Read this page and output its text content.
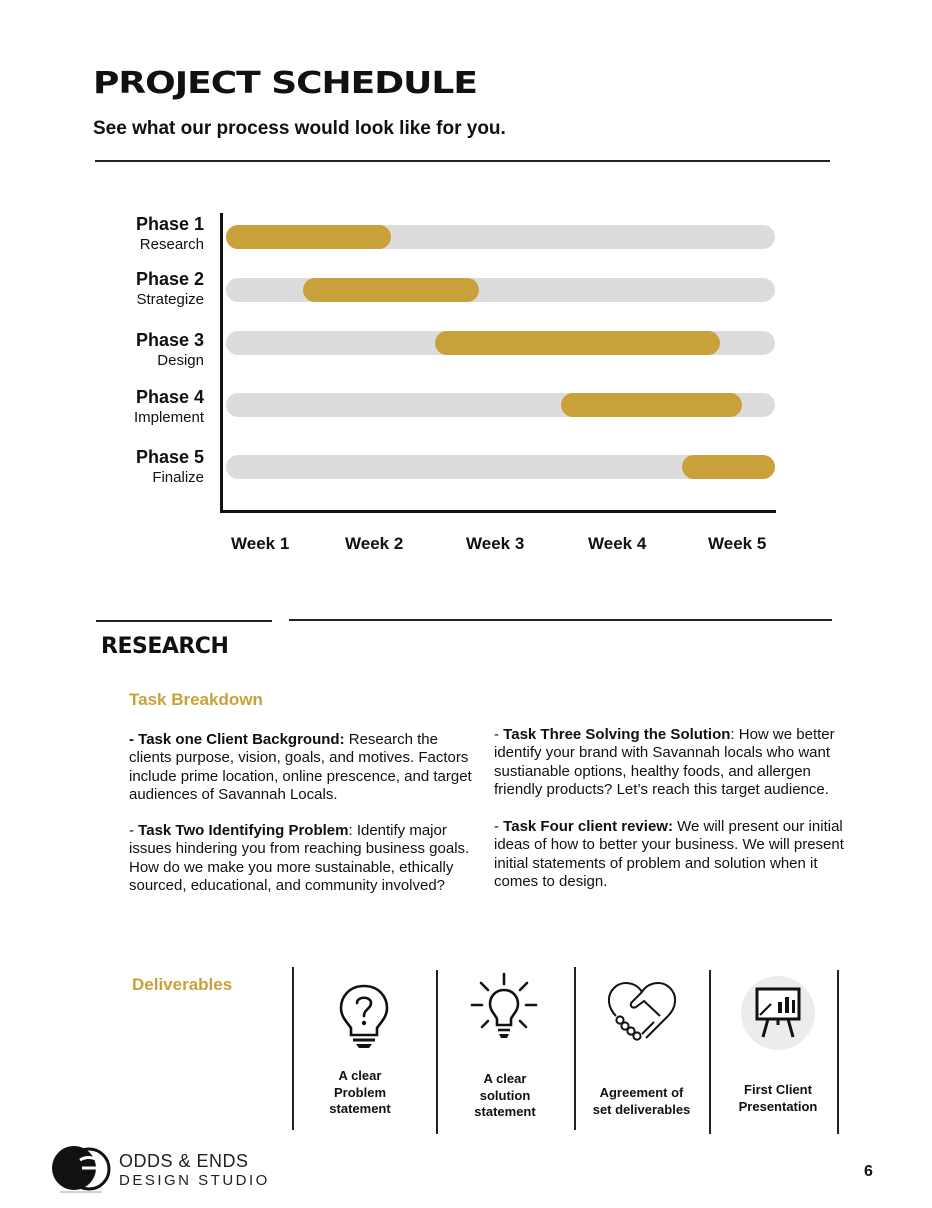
PROJECT SCHEDULE
See what our process would look like for you.
Phase 1
Research
Phase 2
Strategize
Phase 3
Design
Phase 4
Implement
Phase 5
Finalize
Week 1	Week 2	Week 3	Week 4	Week 5
RESEARCH
Task Breakdown
- Task one Client Background: Research the clients purpose, vision, goals, and motives. Factors include prime location, online prescence, and target audiences of Savannah Locals.
- Task Two Identifying Problem: Identify major issues hindering you from reaching business goals. How do we make you more sustainable, ethically sourced, educational, and community involved?
- Task Three Solving the Solution: How we better identify your brand with Savannah locals who want sustianable options, healthy foods, and allergen friendly products? Let’s reach this target audience.
- Task Four client review: We will present our initial ideas of how to better your business. We will present initial statements of problem and solution when it comes to design.
Deliverables
A clear
Problem
statement
A clear
solution
statement
Agreement of
set deliverables
First Client
Presentation
ODDS & ENDS
DESIGN STUDIO
6
